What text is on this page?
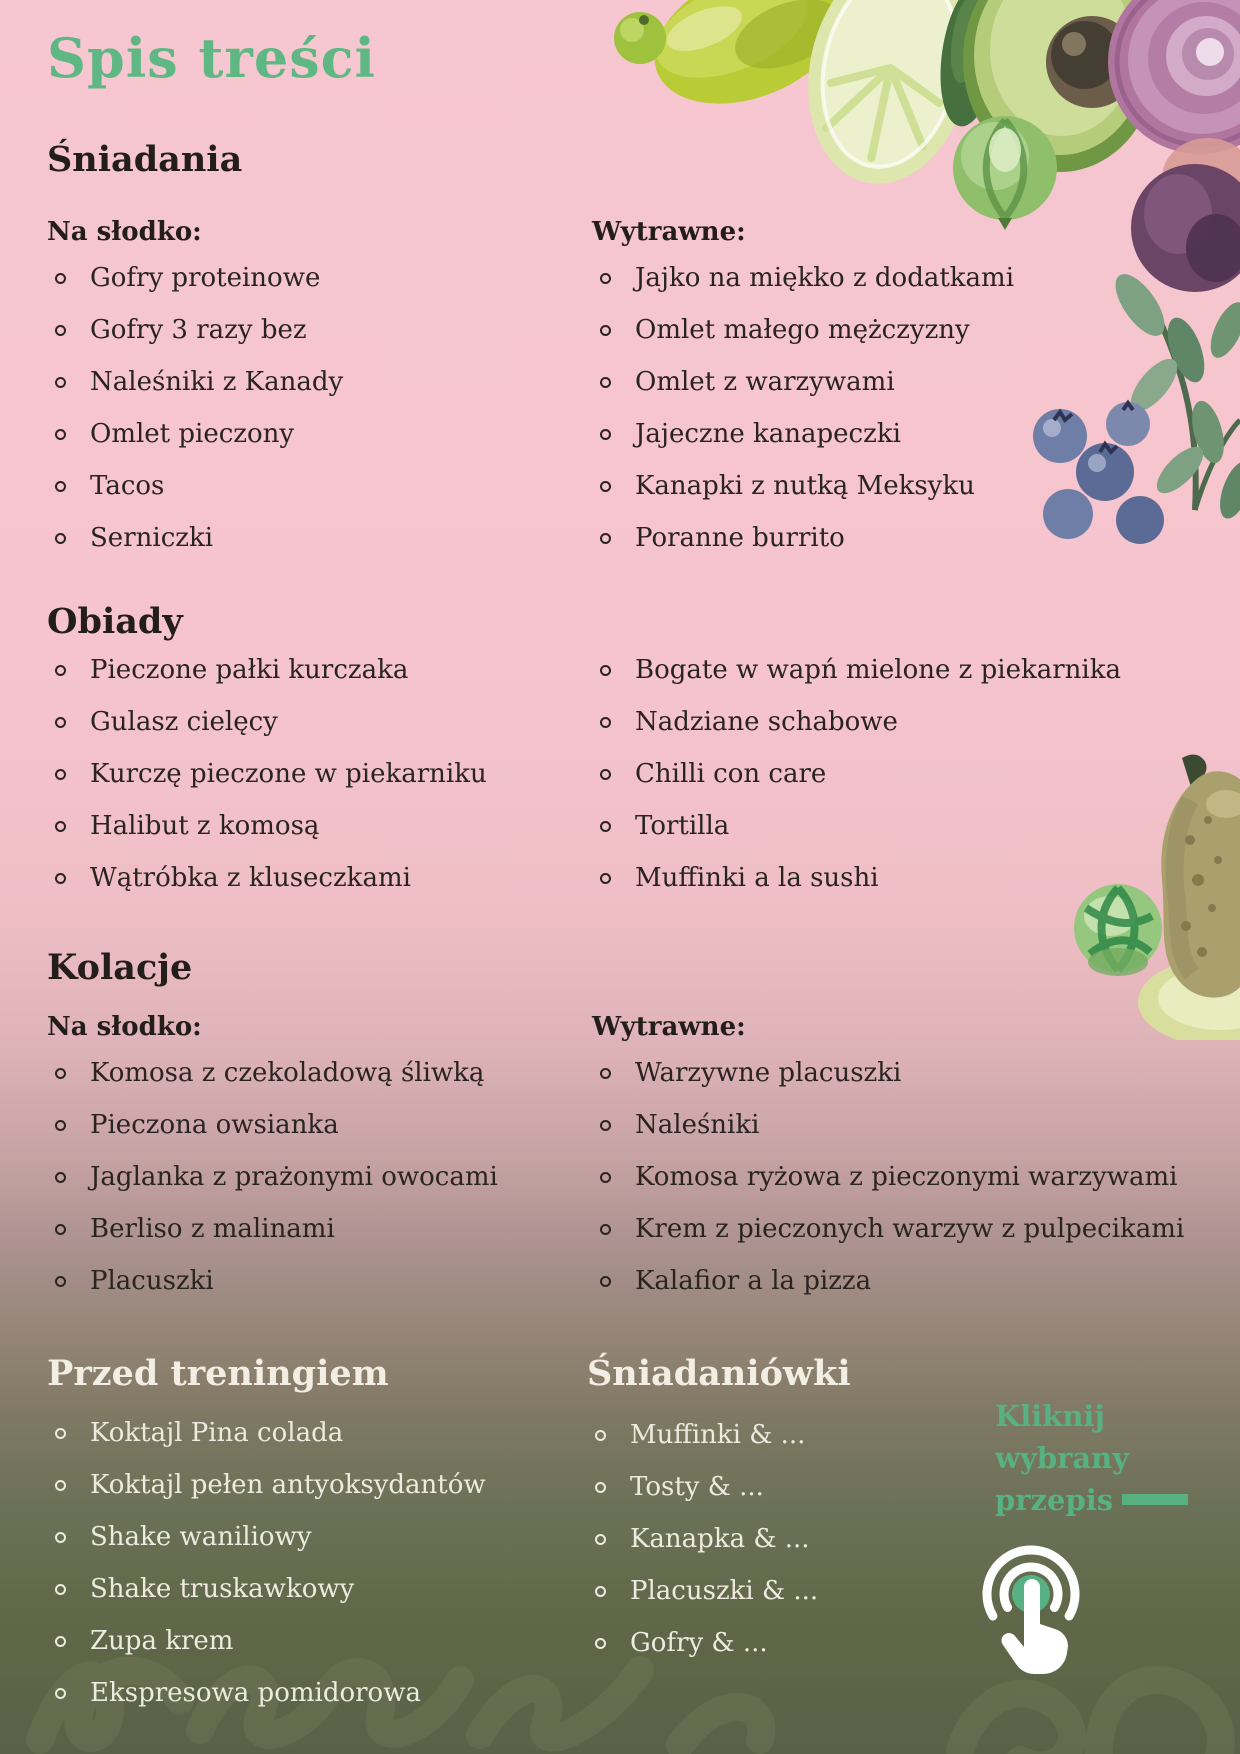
Spis treści
Śniadania
Na słodko:
Gofry proteinowe
Gofry 3 razy bez
Naleśniki z Kanady
Omlet pieczony
Tacos
Serniczki
Wytrawne:
Jajko na miękko z dodatkami
Omlet małego mężczyzny
Omlet z warzywami
Jajeczne kanapeczki
Kanapki z nutką Meksyku
Poranne burrito
Obiady
Pieczone pałki kurczaka
Gulasz cielęcy
Kurczę pieczone w piekarniku
Halibut z komosą
Wątróbka z kluseczkami
Bogate w wapń mielone z piekarnika
Nadziane schabowe
Chilli con care
Tortilla
Muffinki a la sushi
Kolacje
Na słodko:
Komosa z czekoladową śliwką
Pieczona owsianka
Jaglanka z prażonymi owocami
Berliso z malinami
Placuszki
Wytrawne:
Warzywne placuszki
Naleśniki
Komosa ryżowa z pieczonymi warzywami
Krem z pieczonych warzyw z pulpecikami
Kalafior a la pizza
Przed treningiem
Koktajl Pina colada
Koktajl pełen antyoksydantów
Shake waniliowy
Shake truskawkowy
Zupa krem
Ekspresowa pomidorowa
Śniadaniówki
Muffinki & ...
Tosty & ...
Kanapka & ...
Placuszki & ...
Gofry & ...
Kliknij
wybrany
przepis
